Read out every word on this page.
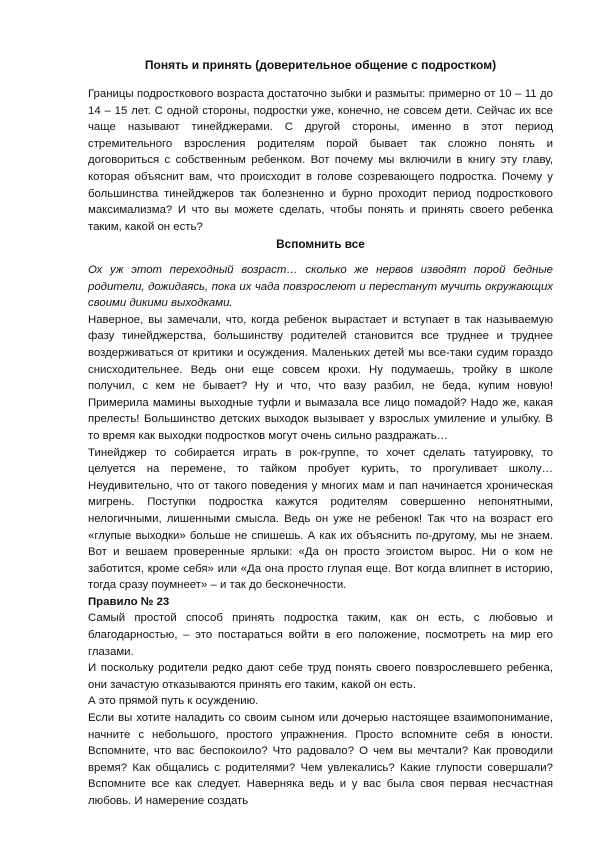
Понять и принять (доверительное общение с подростком)
Границы подросткового возраста достаточно зыбки и размыты: примерно от 10 – 11 до 14 – 15 лет. С одной стороны, подростки уже, конечно, не совсем дети. Сейчас их все чаще называют тинейджерами. С другой стороны, именно в этот период стремительного взросления родителям порой бывает так сложно понять и договориться с собственным ребенком. Вот почему мы включили в книгу эту главу, которая объяснит вам, что происходит в голове созревающего подростка. Почему у большинства тинейджеров так болезненно и бурно проходит период подросткового максимализма? И что вы можете сделать, чтобы понять и принять своего ребенка таким, какой он есть?
Вспомнить все

Ох уж этот переходный возраст… сколько же нервов изводят порой бедные родители, дожидаясь, пока их чада повзрослеют и перестанут мучить окружающих своими дикими выходками.

Наверное, вы замечали, что, когда ребенок вырастает и вступает в так называемую фазу тинейджерства, большинству родителей становится все труднее и труднее воздерживаться от критики и осуждения. Маленьких детей мы все-таки судим гораздо снисходительнее. Ведь они еще совсем крохи. Ну подумаешь, тройку в школе получил, с кем не бывает? Ну и что, что вазу разбил, не беда, купим новую! Примерила мамины выходные туфли и вымазала все лицо помадой? Надо же, какая прелесть! Большинство детских выходок вызывает у взрослых умиление и улыбку. В то время как выходки подростков могут очень сильно раздражать…

Тинейджер то собирается играть в рок-группе, то хочет сделать татуировку, то целуется на перемене, то тайком пробует курить, то прогуливает школу… Неудивительно, что от такого поведения у многих мам и пап начинается хроническая мигрень. Поступки подростка кажутся родителям совершенно непонятными, нелогичными, лишенными смысла. Ведь он уже не ребенок! Так что на возраст его «глупые выходки» больше не спишешь. А как их объяснить по-другому, мы не знаем. Вот и вешаем проверенные ярлыки: «Да он просто эгоистом вырос. Ни о ком не заботится, кроме себя» или «Да она просто глупая еще. Вот когда влипнет в историю, тогда сразу поумнеет» – и так до бесконечности.

Правило № 23

Самый простой способ принять подростка таким, как он есть, с любовью и благодарностью, – это постараться войти в его положение, посмотреть на мир его глазами.

И поскольку родители редко дают себе труд понять своего повзрослевшего ребенка, они зачастую отказываются принять его таким, какой он есть.

А это прямой путь к осуждению.

Если вы хотите наладить со своим сыном или дочерью настоящее взаимопонимание, начните с небольшого, простого упражнения. Просто вспомните себя в юности. Вспомните, что вас беспокоило? Что радовало? О чем вы мечтали? Как проводили время? Как общались с родителями? Чем увлекались? Какие глупости совершали? Вспомните все как следует. Наверняка ведь и у вас была своя первая несчастная любовь. И намерение создать
